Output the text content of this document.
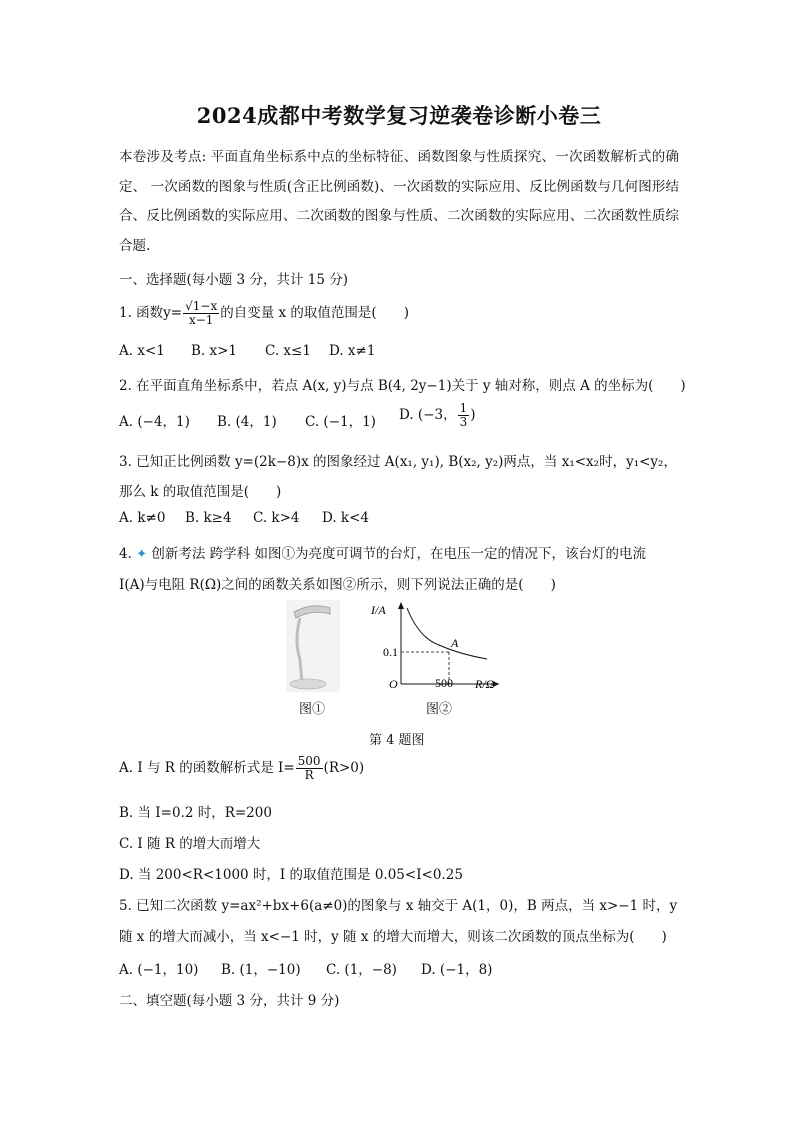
2024成都中考数学复习逆袭卷诊断小卷三
本卷涉及考点: 平面直角坐标系中点的坐标特征、函数图象与性质探究、一次函数解析式的确定、 一次函数的图象与性质(含正比例函数)、一次函数的实际应用、反比例函数与几何图形结合、反比例函数的实际应用、二次函数的图象与性质、二次函数的实际应用、二次函数性质综合题.
一、选择题(每小题 3 分，共计 15 分)
1. 函数$y= \frac{√1-x}{x-1}$ 的自变量 x 的取值范围是(　　)
A. x<1 B. x>1 C. x≤1 D. x≠1
2. 在平面直角坐标系中，若点 A(x, y)与点 B(4, 2y−1)关于 y 轴对称，则点 A 的坐标为(　　)
A. (−4，1) B. (4，1) C. (−1，1) D. (−3， $\frac{1}{3}$ )
3. 已知正比例函数 y=(2k−8)x 的图象经过 A(x₁, y₁), B(x₂, y₂)两点，当 x₁<x₂时，y₁<y₂，
那么 k 的取值范围是(　　)
A. k≠0 B. k≥4 C. k>4 D. k<4
4. ✦ 创新考法 跨学科 如图①为亮度可调节的台灯，在电压一定的情况下，该台灯的电流
I(A)与电阻 R(Ω)之间的函数关系如图②所示，则下列说法正确的是(　　)
图①
I/A
R/Ω
0.1
500
O
A
图②
第 4 题图
A. I 与 R 的函数解析式是 $I= \frac{500}{R} (R>0)$
B. 当 I=0.2 时，R=200
C. I 随 R 的增大而增大
D. 当 200<R<1000 时，I 的取值范围是 0.05<I<0.25
5. 已知二次函数 y=ax²+bx+6(a≠0)的图象与 x 轴交于 A(1，0)，B 两点，当 x>−1 时，y
随 x 的增大而减小，当 x<−1 时，y 随 x 的增大而增大，则该二次函数的顶点坐标为(　　)
A. (−1，10) B. (1，−10) C. (1，−8) D. (−1，8)
二、填空题(每小题 3 分，共计 9 分)
